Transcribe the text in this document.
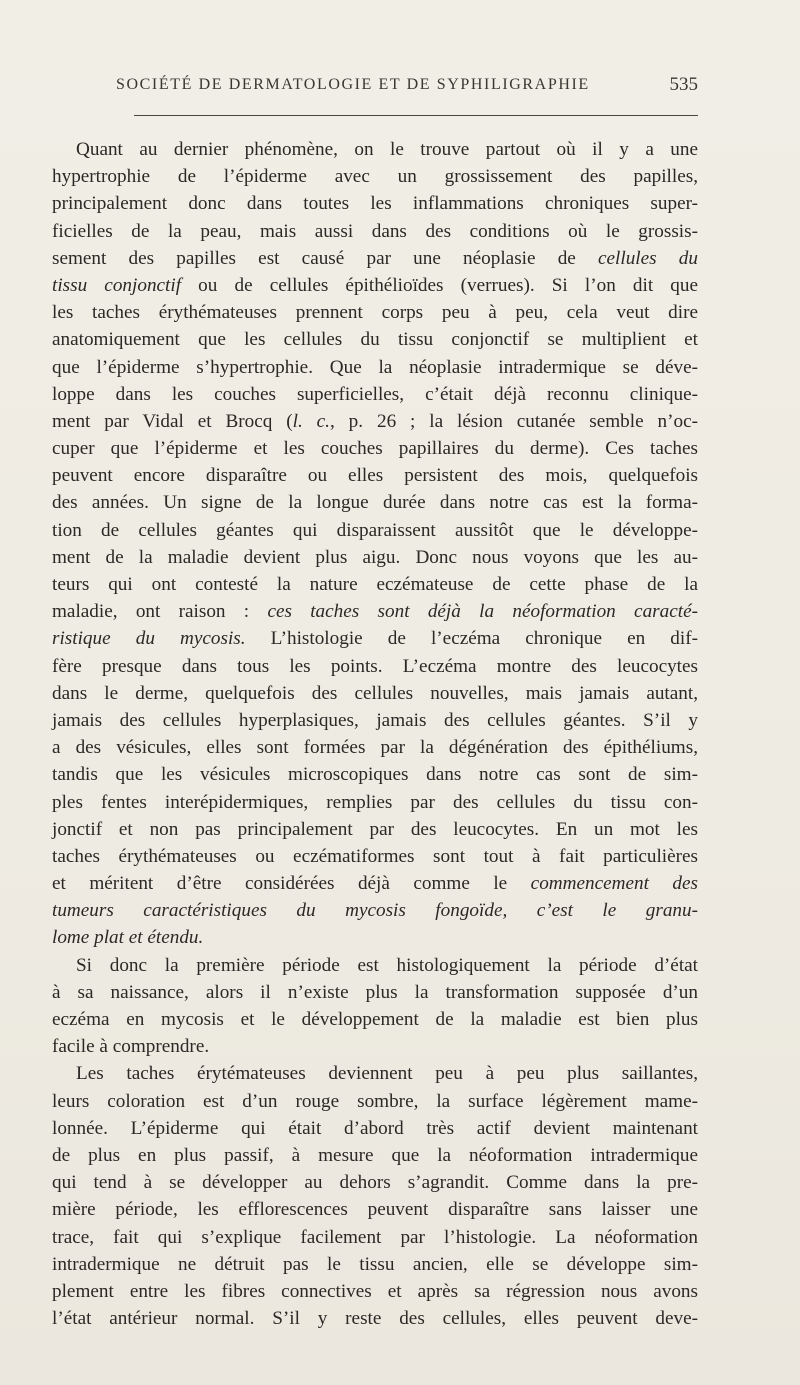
SOCIÉTÉ DE DERMATOLOGIE ET DE SYPHILIGRAPHIE	535
Quant au dernier phénomène, on le trouve partout où il y a une
hypertrophie de l’épiderme avec un grossissement des papilles,
principalement donc dans toutes les inflammations chroniques super-
ficielles de la peau, mais aussi dans des conditions où le grossis-
sement des papilles est causé par une néoplasie de cellules du
tissu conjonctif ou de cellules épithélioïdes (verrues). Si l’on dit que
les taches érythémateuses prennent corps peu à peu, cela veut dire
anatomiquement que les cellules du tissu conjonctif se multiplient et
que l’épiderme s’hypertrophie. Que la néoplasie intradermique se déve-
loppe dans les couches superficielles, c’était déjà reconnu clinique-
ment par Vidal et Brocq (l. c., p. 26 ; la lésion cutanée semble n’oc-
cuper que l’épiderme et les couches papillaires du derme). Ces taches
peuvent encore disparaître ou elles persistent des mois, quelquefois
des années. Un signe de la longue durée dans notre cas est la forma-
tion de cellules géantes qui disparaissent aussitôt que le développe-
ment de la maladie devient plus aigu. Donc nous voyons que les au-
teurs qui ont contesté la nature eczémateuse de cette phase de la
maladie, ont raison : ces taches sont déjà la néoformation caracté-
ristique du mycosis. L’histologie de l’eczéma chronique en dif-
fère presque dans tous les points. L’eczéma montre des leucocytes
dans le derme, quelquefois des cellules nouvelles, mais jamais autant,
jamais des cellules hyperplasiques, jamais des cellules géantes. S’il y
a des vésicules, elles sont formées par la dégénération des épithéliums,
tandis que les vésicules microscopiques dans notre cas sont de sim-
ples fentes interépidermiques, remplies par des cellules du tissu con-
jonctif et non pas principalement par des leucocytes. En un mot les
taches érythémateuses ou eczématiformes sont tout à fait particulières
et méritent d’être considérées déjà comme le commencement des
tumeurs caractéristiques du mycosis fongoïde, c’est le granu-
lome plat et étendu.
Si donc la première période est histologiquement la période d’état
à sa naissance, alors il n’existe plus la transformation supposée d’un
eczéma en mycosis et le développement de la maladie est bien plus
facile à comprendre.
Les taches érytémateuses deviennent peu à peu plus saillantes,
leurs coloration est d’un rouge sombre, la surface légèrement mame-
lonnée. L’épiderme qui était d’abord très actif devient maintenant
de plus en plus passif, à mesure que la néoformation intradermique
qui tend à se développer au dehors s’agrandit. Comme dans la pre-
mière période, les efflorescences peuvent disparaître sans laisser une
trace, fait qui s’explique facilement par l’histologie. La néoformation
intradermique ne détruit pas le tissu ancien, elle se développe sim-
plement entre les fibres connectives et après sa régression nous avons
l’état antérieur normal. S’il y reste des cellules, elles peuvent deve-
